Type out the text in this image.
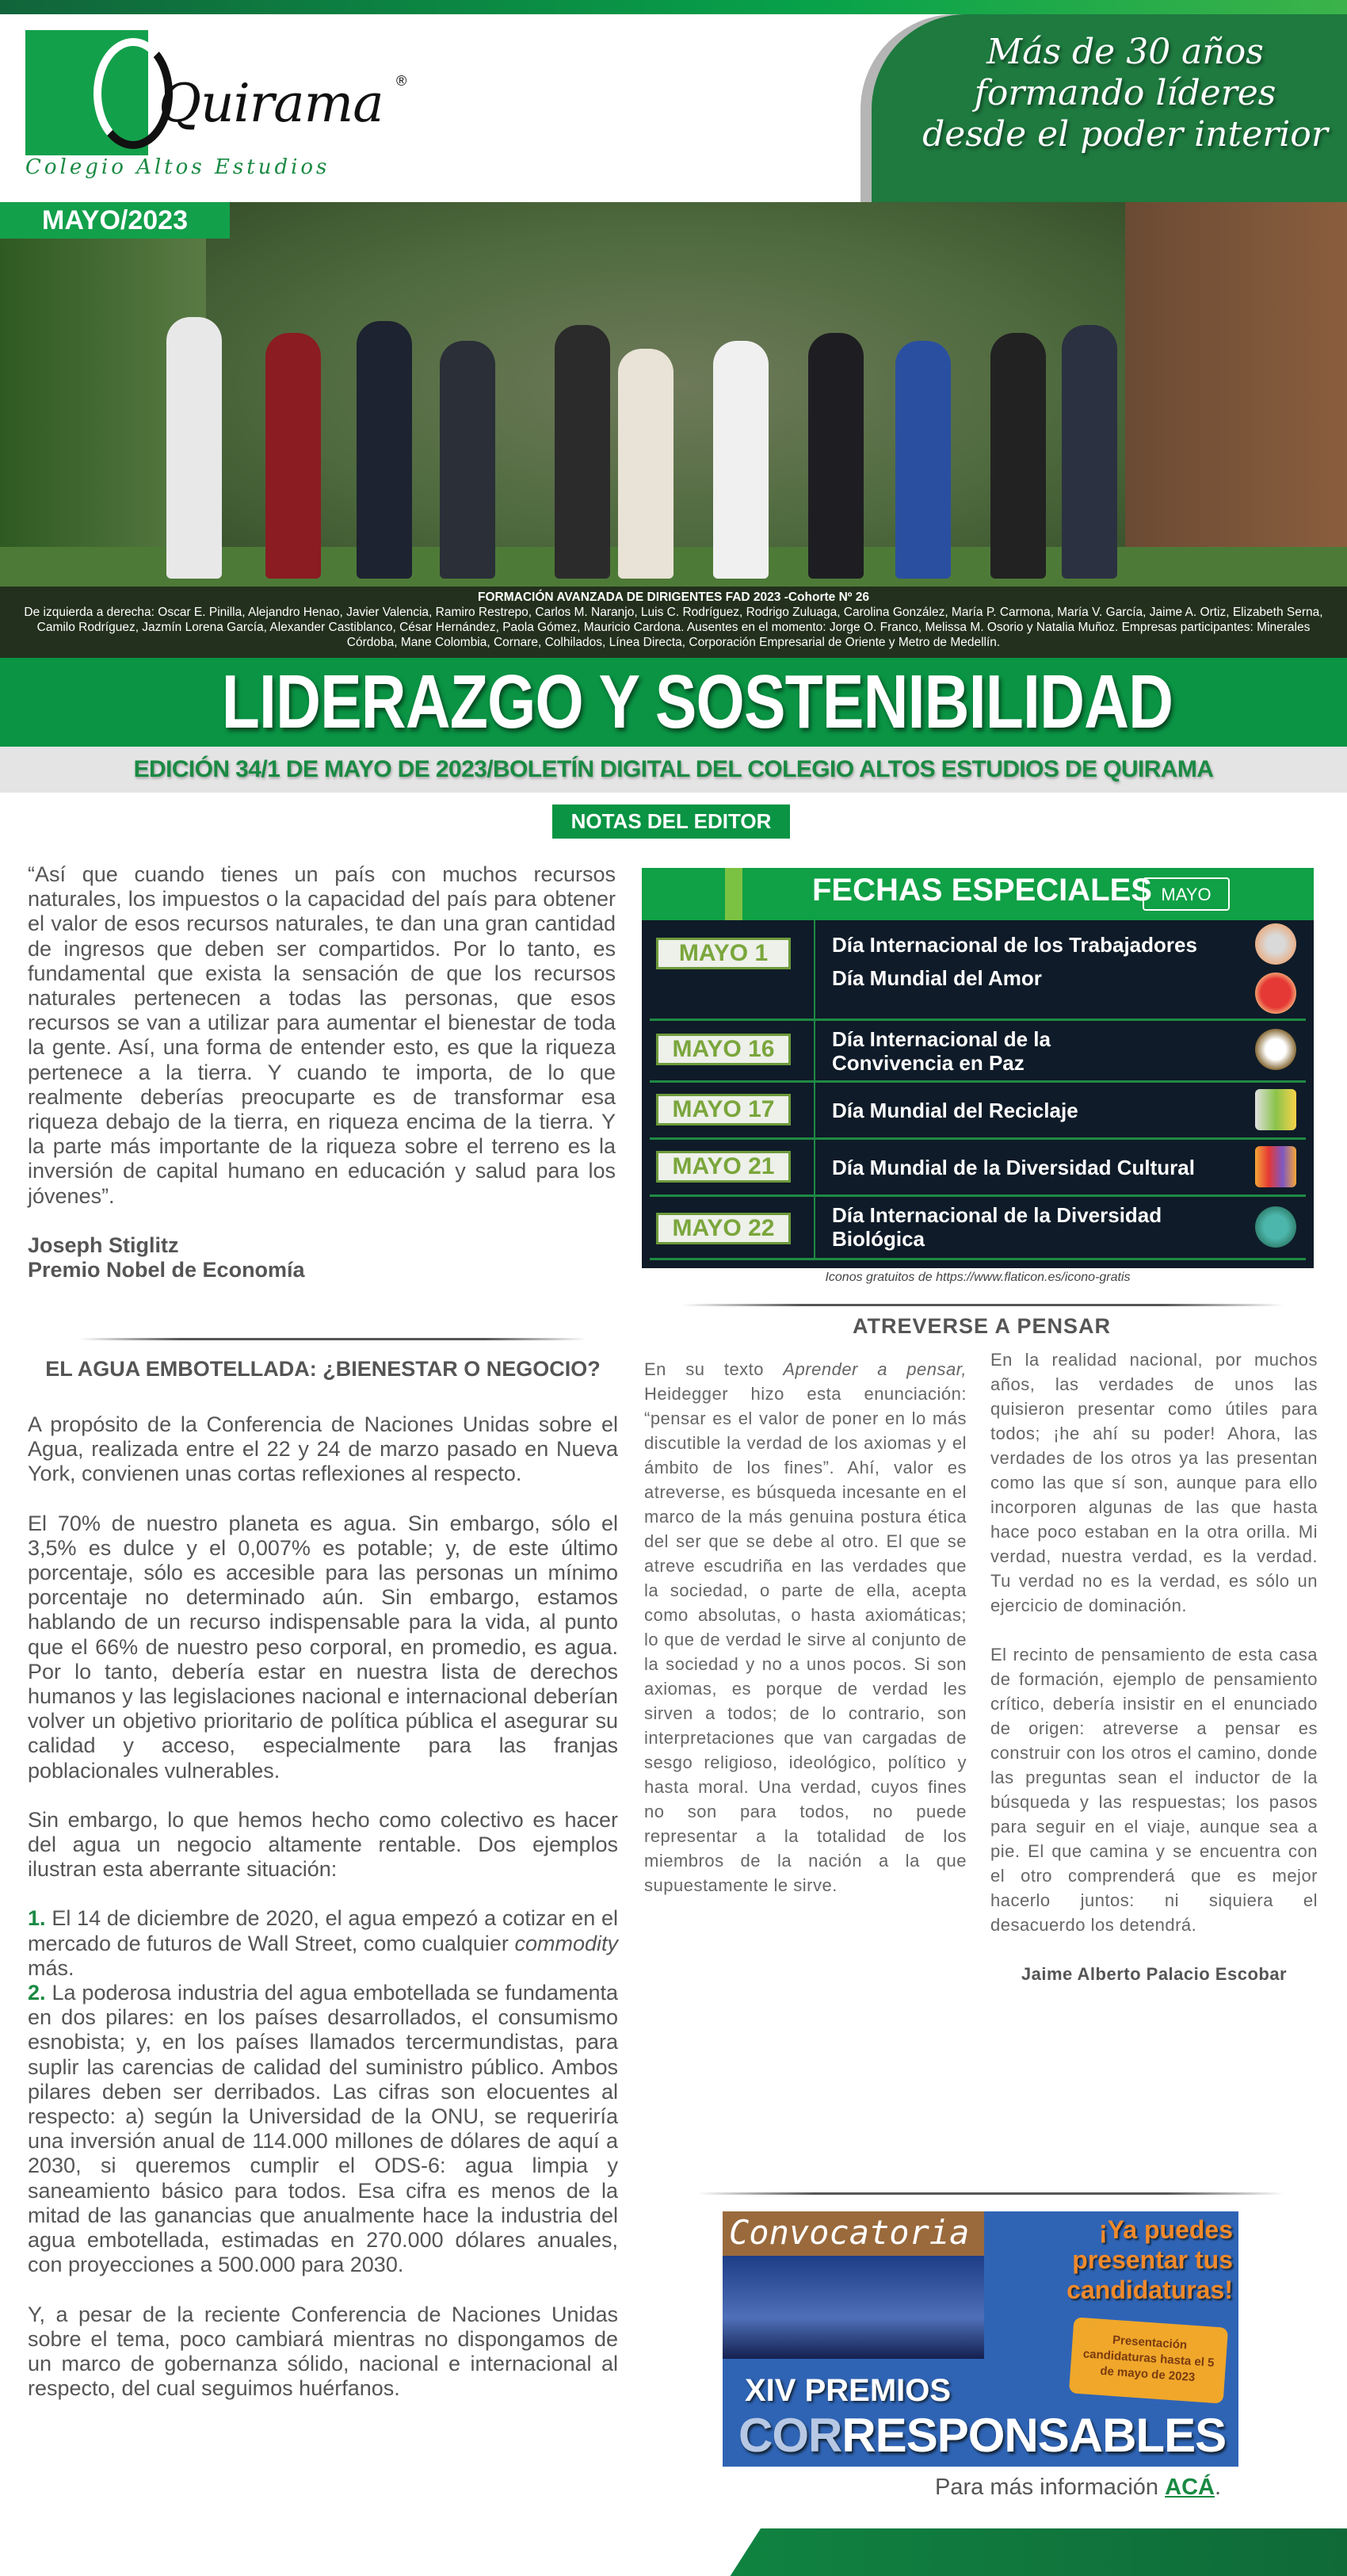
Quirama ®
Colegio Altos Estudios
Más de 30 años
formando líderes
desde el poder interior
MAYO/2023
FORMACIÓN AVANZADA DE DIRIGENTES FAD 2023 -Cohorte Nº 26
De izquierda a derecha: Oscar E. Pinilla, Alejandro Henao, Javier Valencia, Ramiro Restrepo, Carlos M. Naranjo, Luis C. Rodríguez, Rodrigo Zuluaga, Carolina González, María P. Carmona, María V. García, Jaime A. Ortiz, Elizabeth Serna, Camilo Rodríguez, Jazmín Lorena García, Alexander Castiblanco, César Hernández, Paola Gómez, Mauricio Cardona. Ausentes en el momento: Jorge O. Franco, Melissa M. Osorio y Natalia Muñoz. Empresas participantes: Minerales Córdoba, Mane Colombia, Cornare, Colhilados, Línea Directa, Corporación Empresarial de Oriente y Metro de Medellín.
LIDERAZGO Y SOSTENIBILIDAD
EDICIÓN 34/1 DE MAYO DE 2023/BOLETÍN DIGITAL DEL COLEGIO ALTOS ESTUDIOS DE QUIRAMA
NOTAS DEL EDITOR

“Así que cuando tienes un país con muchos recursos naturales, los impuestos o la capacidad del país para obtener el valor de esos recursos naturales, te dan una gran cantidad de ingresos que deben ser compartidos. Por lo tanto, es fundamental que exista la sensación de que los recursos naturales pertenecen a todas las personas, que esos recursos se van a utilizar para aumentar el bienestar de toda la gente. Así, una forma de entender esto, es que la riqueza pertenece a la tierra. Y cuando te importa, de lo que realmente deberías preocuparte es de transformar esa riqueza debajo de la tierra, en riqueza encima de la tierra. Y la parte más importante de la riqueza sobre el terreno es la inversión de capital humano en educación y salud para los jóvenes”.

Joseph Stiglitz
Premio Nobel de Economía
FECHAS ESPECIALES MAYO
MAYO 1	Día Internacional de los Trabajadores
Día Mundial del Amor
MAYO 16	Día Internacional de la Convivencia en Paz
MAYO 17	Día Mundial del Reciclaje
MAYO 21	Día Mundial de la Diversidad Cultural
MAYO 22	Día Internacional de la Diversidad Biológica
Iconos gratuitos de https://www.flaticon.es/icono-gratis
ATREVERSE A PENSAR
EL AGUA EMBOTELLADA: ¿BIENESTAR O NEGOCIO?

A propósito de la Conferencia de Naciones Unidas sobre el Agua, realizada entre el 22 y 24 de marzo pasado en Nueva York, convienen unas cortas reflexiones al respecto.

El 70% de nuestro planeta es agua. Sin embargo, sólo el 3,5% es dulce y el 0,007% es potable; y, de este último porcentaje, sólo es accesible para las personas un mínimo porcentaje no determinado aún. Sin embargo, estamos hablando de un recurso indispensable para la vida, al punto que el 66% de nuestro peso corporal, en promedio, es agua. Por lo tanto, debería estar en nuestra lista de derechos humanos y las legislaciones nacional e internacional deberían volver un objetivo prioritario de política pública el asegurar su calidad y acceso, especialmente para las franjas poblacionales vulnerables.

Sin embargo, lo que hemos hecho como colectivo es hacer del agua un negocio altamente rentable. Dos ejemplos ilustran esta aberrante situación:

1. El 14 de diciembre de 2020, el agua empezó a cotizar en el mercado de futuros de Wall Street, como cualquier commodity más.

2. La poderosa industria del agua embotellada se fundamenta en dos pilares: en los países desarrollados, el consumismo esnobista; y, en los países llamados tercermundistas, para suplir las carencias de calidad del suministro público. Ambos pilares deben ser derribados. Las cifras son elocuentes al respecto: a) según la Universidad de la ONU, se requeriría una inversión anual de 114.000 millones de dólares de aquí a 2030, si queremos cumplir el ODS-6: agua limpia y saneamiento básico para todos. Esa cifra es menos de la mitad de las ganancias que anualmente hace la industria del agua embotellada, estimadas en 270.000 dólares anuales, con proyecciones a 500.000 para 2030.

Y, a pesar de la reciente Conferencia de Naciones Unidas sobre el tema, poco cambiará mientras no dispongamos de un marco de gobernanza sólido, nacional e internacional al respecto, del cual seguimos huérfanos.

En su texto Aprender a pensar, Heidegger hizo esta enunciación: “pensar es el valor de poner en lo más discutible la verdad de los axiomas y el ámbito de los fines”. Ahí, valor es atreverse, es búsqueda incesante en el marco de la más genuina postura ética del ser que se debe al otro. El que se atreve escudriña en las verdades que la sociedad, o parte de ella, acepta como absolutas, o hasta axiomáticas; lo que de verdad le sirve al conjunto de la sociedad y no a unos pocos. Si son axiomas, es porque de verdad les sirven a todos; de lo contrario, son interpretaciones que van cargadas de sesgo religioso, ideológico, político y hasta moral. Una verdad, cuyos fines no son para todos, no puede representar a la totalidad de los miembros de la nación a la que supuestamente le sirve.

En la realidad nacional, por muchos años, las verdades de unos las quisieron presentar como útiles para todos; ¡he ahí su poder! Ahora, las verdades de los otros ya las presentan como las que sí son, aunque para ello incorporen algunas de las que hasta hace poco estaban en la otra orilla. Mi verdad, nuestra verdad, es la verdad. Tu verdad no es la verdad, es sólo un ejercicio de dominación.

El recinto de pensamiento de esta casa de formación, ejemplo de pensamiento crítico, debería insistir en el enunciado de origen: atreverse a pensar es construir con los otros el camino, donde las preguntas sean el inductor de la búsqueda y las respuestas; los pasos para seguir en el viaje, aunque sea a pie. El que camina y se encuentra con el otro comprenderá que es mejor hacerlo juntos: ni siquiera el desacuerdo los detendrá.

Jaime Alberto Palacio Escobar
Convocatoria
Presentación candidaturas hasta el 5 de mayo de 2023
¡Ya puedes presentar tus candidaturas!
XIV PREMIOS
CORRESPONSABLES
Para más información ACÁ.
